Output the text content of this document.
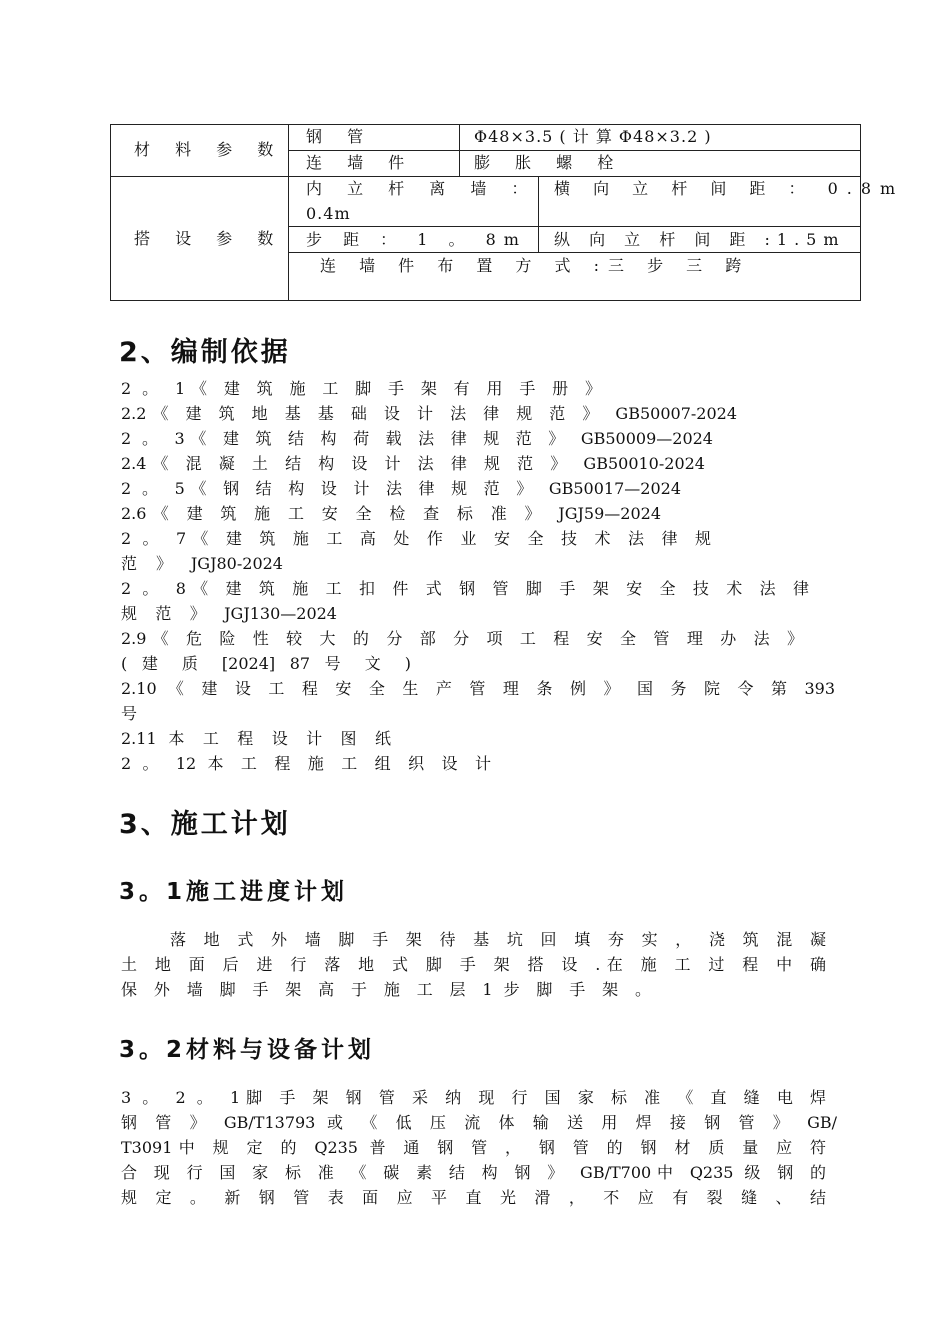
材 料 参 数
搭 设 参 数
钢 管	Φ48×3.5 ( 计 算 Φ48×3.2 )
连 墙 件	膨 胀 螺 栓
内 立 杆 离 墙 ：
0.4m
横 向 立 杆 间 距 ： 0.8m
步 距 ： 1 。 8m 纵 向 立 杆 间 距 :1.5m
连 墙 件 布 置 方 式 :三 步 三 跨
2、编制依据
2 。 1《 建 筑 施 工 脚 手 架 有 用 手 册 》
2.2《 建 筑 地 基 基 础 设 计 法 律 规 范 》 GB50007-2024
2 。 3《 建 筑 结 构 荷 载 法 律 规 范 》 GB50009—2024
2.4《 混 凝 土 结 构 设 计 法 律 规 范 》 GB50010-2024
2 。 5《 钢 结 构 设 计 法 律 规 范 》 GB50017—2024
2.6《 建 筑 施 工 安 全 检 查 标 准 》 JGJ59—2024
2 。 7《 建 筑 施 工 高 处 作 业 安 全 技 术 法 律 规
范 》 JGJ80-2024
2 。 8《 建 筑 施 工 扣 件 式 钢 管 脚 手 架 安 全 技 术 法 律
规 范 》 JGJ130—2024
2.9《 危 险 性 较 大 的 分 部 分 项 工 程 安 全 管 理 办 法 》
( 建 质 [2024] 87 号 文 )
2.10 《 建 设 工 程 安 全 生 产 管 理 条 例 》 国 务 院 令 第 393
号
2.11 本 工 程 设 计 图 纸
2 。 12 本 工 程 施 工 组 织 设 计
3、施工计划
3。1施工进度计划
落 地 式 外 墙 脚 手 架 待 基 坑 回 填 夯 实 ， 浇 筑 混 凝
土 地 面 后 进 行 落 地 式 脚 手 架 搭 设 .在 施 工 过 程 中 确
保 外 墙 脚 手 架 高 于 施 工 层 1 步 脚 手 架 。
3。2材料与设备计划
3 。 2 。 1脚 手 架 钢 管 采 纳 现 行 国 家 标 准 《 直 缝 电 焊
钢 管 》 GB/T13793 或 《 低 压 流 体 输 送 用 焊 接 钢 管 》 GB/
T3091中 规 定 的 Q235 普 通 钢 管 ， 钢 管 的 钢 材 质 量 应 符
合 现 行 国 家 标 准 《 碳 素 结 构 钢 》 GB/T700中 Q235 级 钢 的
规 定 。 新 钢 管 表 面 应 平 直 光 滑 ， 不 应 有 裂 缝 、 结
